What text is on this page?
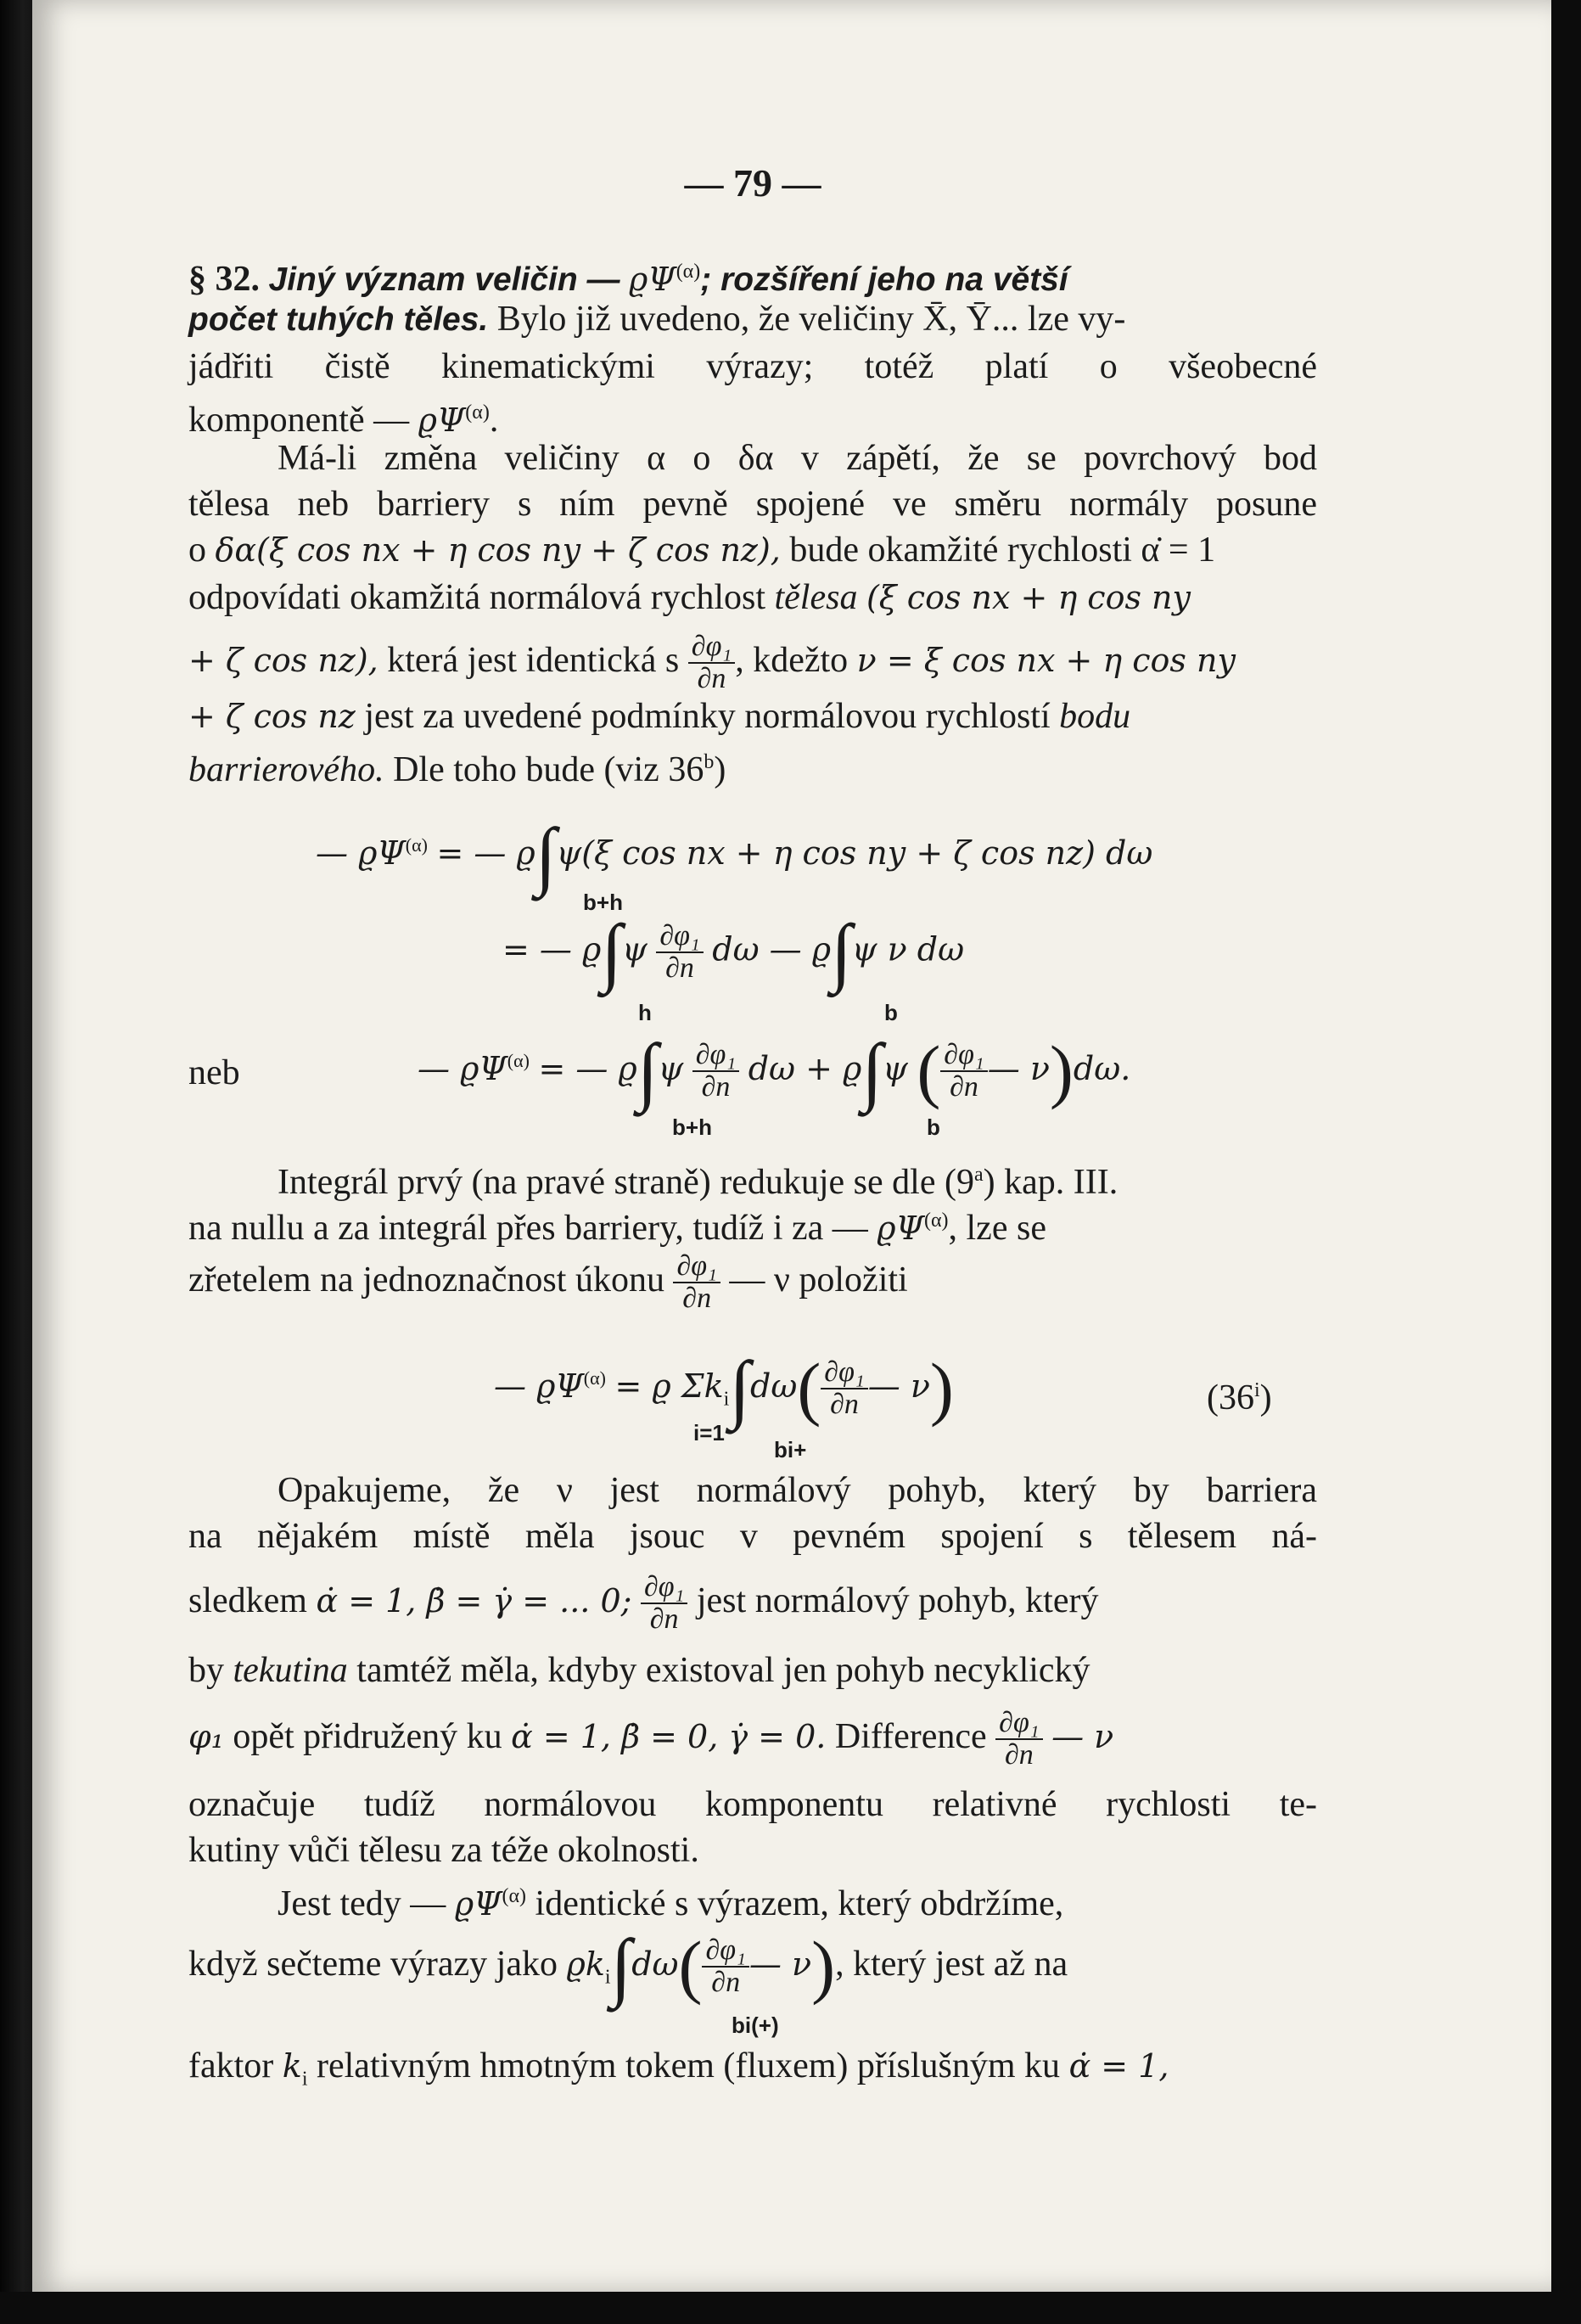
— 79 —
§ 32. Jiný význam veličin — $ϱ\Psi^{(\alpha)}$; rozšíření jeho na větší
počet tuhých těles. Bylo již uvedeno, že veličiny X̄, Ȳ... lze vy-
jádřiti čistě kinematickými výrazy; totéž platí o všeobecné
komponentě — $ϱ\Psi^{(\alpha)}$.
Má-li změna veličiny α o δα v zápětí, že se povrchový bod
tělesa neb barriery s ním pevně spojené ve směru normály posune
o δα(ξ cos nx + η cos ny + ζ cos nz), bude okamžité rychlosti α̇ = 1
odpovídati okamžitá normálová rychlost tělesa (ξ cos nx + η cos ny
+ ζ cos nz), která jest identická s $\frac{\text{∂φ₁}}{\partial n}$ , kdežto ν = ξ cos nx + η cos ny
+ ζ cos nz jest za uvedené podmínky normálovou rychlostí bodu
barrierového. Dle toho bude (viz 36$^b$)
— $ϱ\Psi^{(\alpha)}$ = — ϱ∫ψ(ξ cos nx + η cos ny + ζ cos nz) dω
b+h
= — $ϱ\int\psi \frac{\text{∂φ₁}}{\partial n}$ dω — ϱ∫ψ ν dω
h	b
neb	— $ϱ\Psi^{(\alpha)}$ = — $ϱ\int\psi \frac{\text{∂φ₁}}{\partial n}$ dω + ϱ∫ψ ( $\frac{\text{∂φ₁}}{\partial n}$ — ν)dω.
b+h	b
Integrál prvý (na pravé straně) redukuje se dle (9$^a$) kap. III.
na nullu a za integrál přes barriery, tudíž i za — $ϱ\Psi^{(\alpha)}$, lze se
zřetelem na jednoznačnost úkonu $\frac{\text{∂φ₁}}{\partial n}$ — ν položiti
— $ϱ\Psi^{(\alpha)} = ϱ$ $\Sigma k_i\int d\omega( \frac{\text{∂φ₁}}{\partial n}$ — ν)
i=1
bi+
$(36^i)$
Opakujeme, že ν jest normálový pohyb, který by barriera
na nějakém místě měla jsouc v pevném spojení s tělesem ná-
sledkem α̇ = 1, β̇ = γ̇ = ... 0; $\frac{\text{∂φ₁}}{\partial n}$ jest normálový pohyb, který
by tekutina tamtéž měla, kdyby existoval jen pohyb necyklický
φ₁ opět přidružený ku α̇ = 1, β̇ = 0, γ̇ = 0. Difference $\frac{\text{∂φ₁}}{\partial n}$ — ν
označuje tudíž normálovou komponentu relativné rychlosti te-
kutiny vůči tělesu za téže okolnosti.
Jest tedy — $ϱ\Psi^{(\alpha)}$ identické s výrazem, který obdržíme,
když sečteme výrazy jako $ϱk_i\int d\omega( \frac{\text{∂φ₁}}{\partial n}$ — ν), který jest až na
bi(+)
faktor $k_i$ relativným hmotným tokem (fluxem) příslušným ku α̇ = 1,
